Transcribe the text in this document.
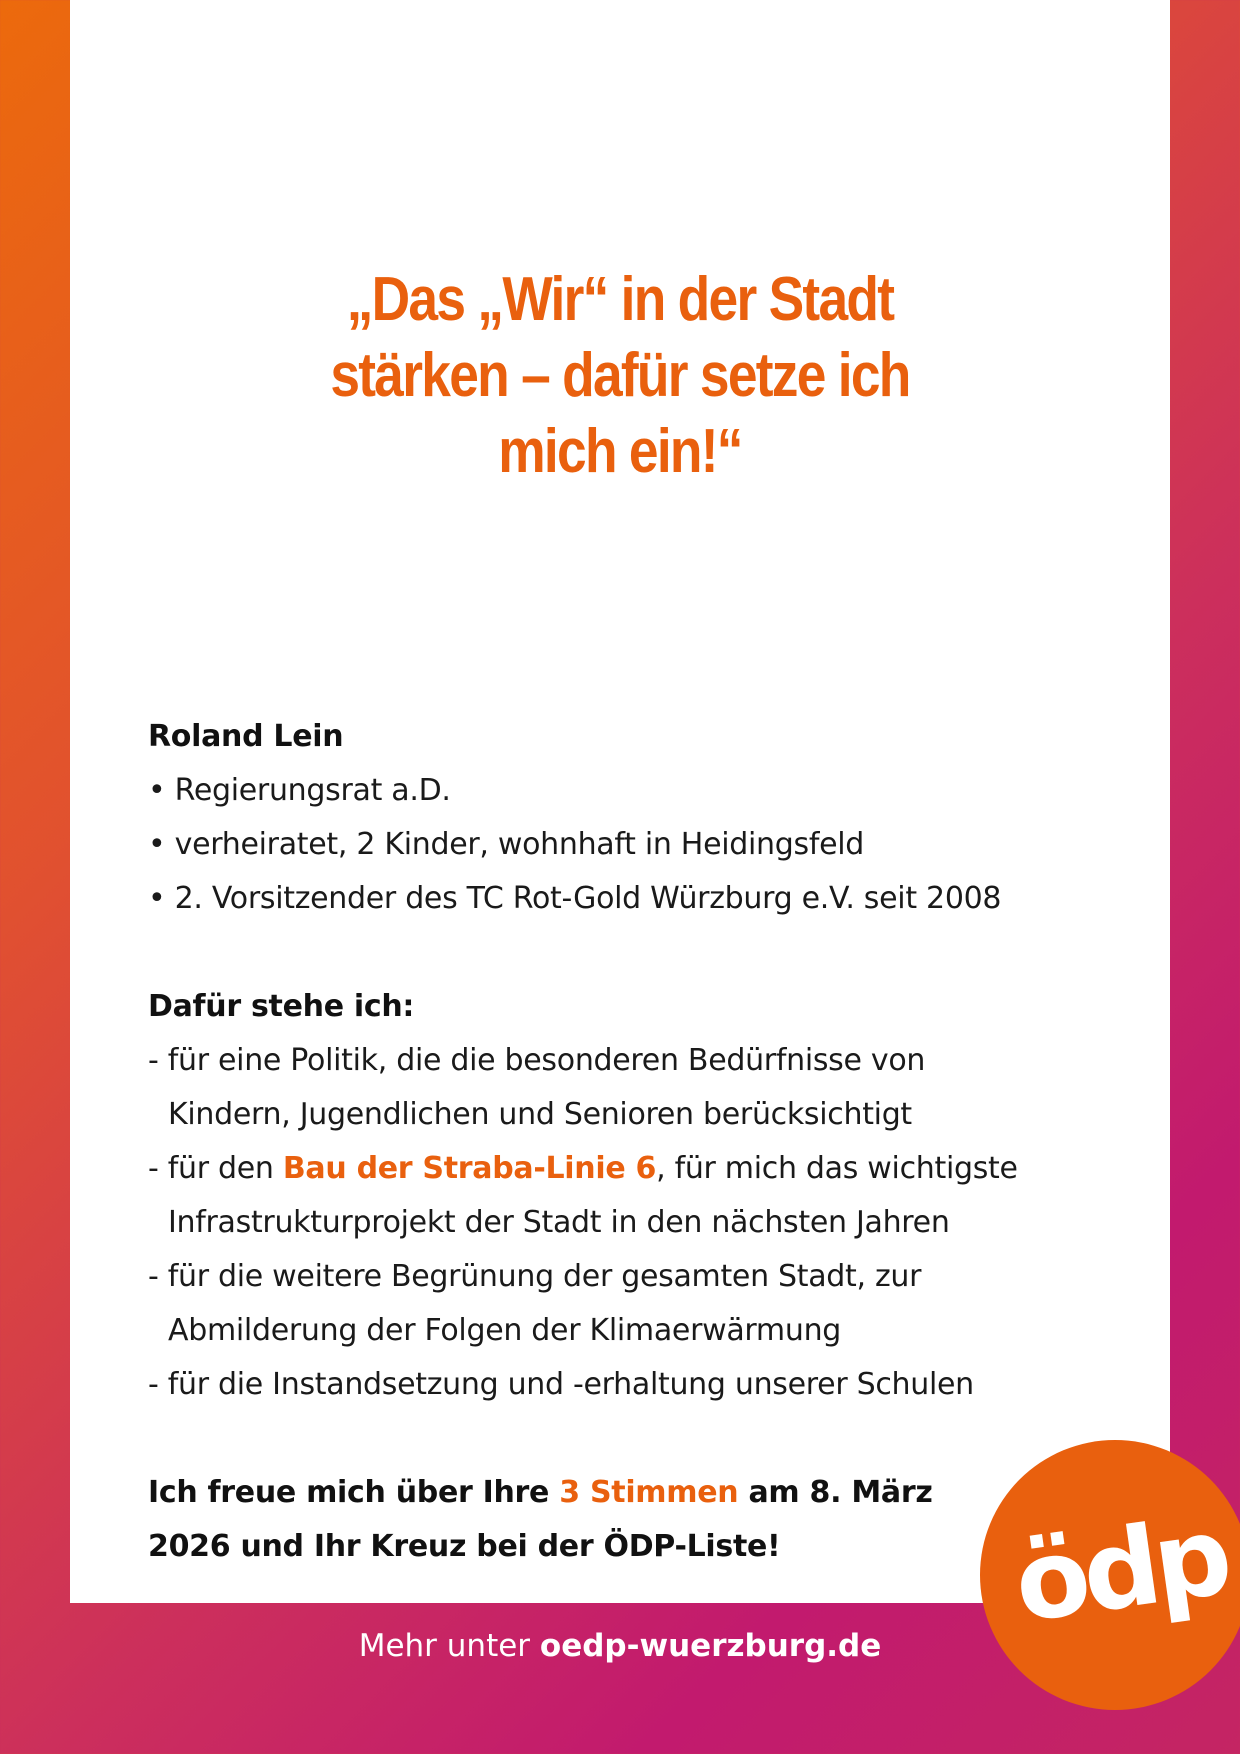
„Das „Wir“ in der Stadt
stärken – dafür setze ich
mich ein!“
Roland Lein
• Regierungsrat a.D.
• verheiratet, 2 Kinder, wohnhaft in Heidingsfeld
• 2. Vorsitzender des TC Rot-Gold Würzburg e.V. seit 2008
Dafür stehe ich:
- für eine Politik, die die besonderen Bedürfnisse von
Kindern, Jugendlichen und Senioren berücksichtigt
- für den Bau der Straba-Linie 6, für mich das wichtigste
Infrastrukturprojekt der Stadt in den nächsten Jahren
- für die weitere Begrünung der gesamten Stadt, zur
Abmilderung der Folgen der Klimaerwärmung
- für die Instandsetzung und -erhaltung unserer Schulen
Ich freue mich über Ihre 3 Stimmen am 8. März
2026 und Ihr Kreuz bei der ÖDP-Liste!
Mehr unter oedp-wuerzburg.de	ödp
